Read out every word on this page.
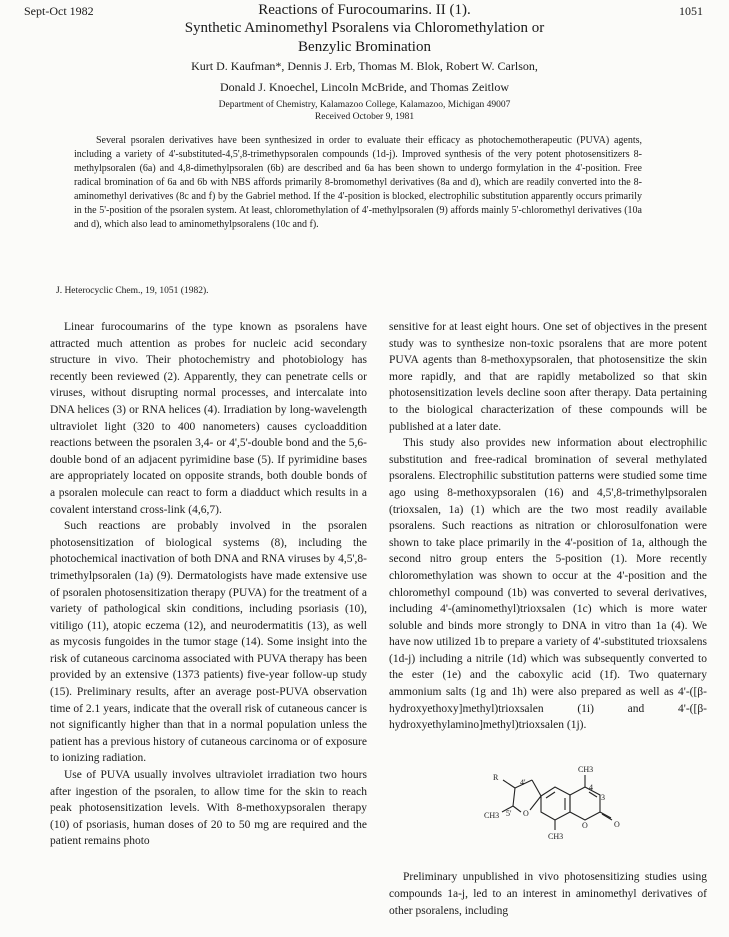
Sept-Oct 1982	1051
Reactions of Furocoumarins. II (1).
Synthetic Aminomethyl Psoralens via Chloromethylation or
Benzylic Bromination
Kurt D. Kaufman*, Dennis J. Erb, Thomas M. Blok, Robert W. Carlson,
Donald J. Knoechel, Lincoln McBride, and Thomas Zeitlow
Department of Chemistry, Kalamazoo College, Kalamazoo, Michigan 49007
Received October 9, 1981

Several psoralen derivatives have been synthesized in order to evaluate their efficacy as photochemotherapeutic (PUVA) agents, including a variety of 4'-substituted-4,5',8-trimethypsoralen compounds (1d-j). Improved synthesis of the very potent photosensitizers 8-methylpsoralen (6a) and 4,8-dimethylpsoralen (6b) are described and 6a has been shown to undergo formylation in the 4'-position. Free radical bromination of 6a and 6b with NBS affords primarily 8-bromomethyl derivatives (8a and d), which are readily converted into the 8-aminomethyl derivatives (8c and f) by the Gabriel method. If the 4'-position is blocked, electrophilic substitution apparently occurs primarily in the 5'-position of the psoralen system. At least, chloromethylation of 4'-methylpsoralen (9) affords mainly 5'-chloromethyl derivatives (10a and d), which also lead to aminomethylpsoralens (10c and f).

J. Heterocyclic Chem., 19, 1051 (1982).

Linear furocoumarins of the type known as psoralens have attracted much attention as probes for nucleic acid secondary structure in vivo. Their photochemistry and photobiology has recently been reviewed (2). Apparently, they can penetrate cells or viruses, without disrupting normal processes, and intercalate into DNA helices (3) or RNA helices (4). Irradiation by long-wavelength ultraviolet light (320 to 400 nanometers) causes cycloaddition reactions between the psoralen 3,4- or 4',5'-double bond and the 5,6-double bond of an adjacent pyrimidine base (5). If pyrimidine bases are appropriately located on opposite strands, both double bonds of a psoralen molecule can react to form a diadduct which results in a covalent interstand cross-link (4,6,7).

Such reactions are probably involved in the psoralen photosensitization of biological systems (8), including the photochemical inactivation of both DNA and RNA viruses by 4,5',8-trimethylpsoralen (1a) (9). Dermatologists have made extensive use of psoralen photosensitization therapy (PUVA) for the treatment of a variety of pathological skin conditions, including psoriasis (10), vitiligo (11), atopic eczema (12), and neurodermatitis (13), as well as mycosis fungoides in the tumor stage (14). Some insight into the risk of cutaneous carcinoma associated with PUVA therapy has been provided by an extensive (1373 patients) five-year follow-up study (15). Preliminary results, after an average post-PUVA observation time of 2.1 years, indicate that the overall risk of cutaneous cancer is not significantly higher than that in a normal population unless the patient has a previous history of cutaneous carcinoma or of exposure to ionizing radiation.

Use of PUVA usually involves ultraviolet irradiation two hours after ingestion of the psoralen, to allow time for the skin to reach peak photosensitization levels. With 8-methoxypsoralen therapy (10) of psoriasis, human doses of 20 to 50 mg are required and the patient remains photo

sensitive for at least eight hours. One set of objectives in the present study was to synthesize non-toxic psoralens that are more potent PUVA agents than 8-methoxypsoralen, that photosensitize the skin more rapidly, and that are rapidly metabolized so that skin photosensitization levels decline soon after therapy. Data pertaining to the biological characterization of these compounds will be published at a later date.

This study also provides new information about electrophilic substitution and free-radical bromination of several methylated psoralens. Electrophilic substitution patterns were studied some time ago using 8-methoxypsoralen (16) and 4,5',8-trimethylpsoralen (trioxsalen, 1a) (1) which are the two most readily available psoralens. Such reactions as nitration or chlorosulfonation were shown to take place primarily in the 4'-position of 1a, although the second nitro group enters the 5-position (1). More recently chloromethylation was shown to occur at the 4'-position and the chloromethyl compound (1b) was converted to several derivatives, including 4'-(aminomethyl)trioxsalen (1c) which is more water soluble and binds more strongly to DNA in vitro than 1a (4). We have now utilized 1b to prepare a variety of 4'-substituted trioxsalens (1d-j) including a nitrile (1d) which was subsequently converted to the ester (1e) and the caboxylic acid (1f). Two quaternary ammonium salts (1g and 1h) were also prepared as well as 4'-([β-hydroxyethoxy]methyl)trioxsalen (1i) and 4'-([β-hydroxyethylamino]methyl)trioxsalen (1j).

R
4'
CH3 5' O
CH3
4
3
O	O
CH3

Preliminary unpublished in vivo photosensitizing studies using compounds 1a-j, led to an interest in aminomethyl derivatives of other psoralens, including
